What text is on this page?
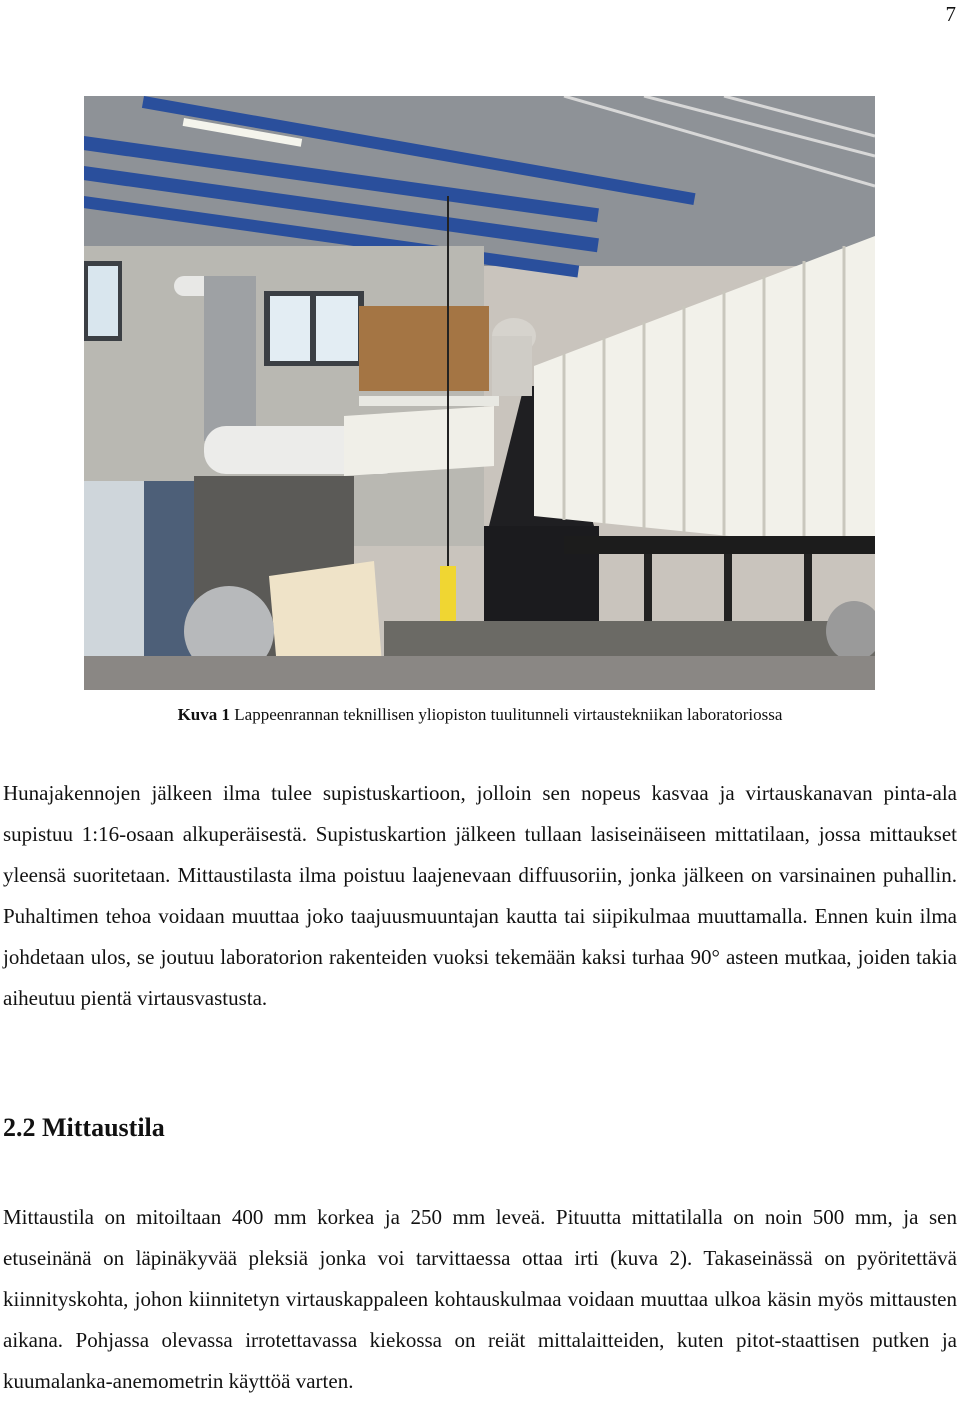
7
Kuva 1 Lappeenrannan teknillisen yliopiston tuulitunneli virtaustekniikan laboratoriossa

Hunajakennojen jälkeen ilma tulee supistuskartioon, jolloin sen nopeus kasvaa ja virtauskanavan pinta-ala supistuu 1:16-osaan alkuperäisestä. Supistuskartion jälkeen tullaan lasiseinäiseen mittatilaan, jossa mittaukset yleensä suoritetaan. Mittaustilasta ilma poistuu laajenevaan diffuusoriin, jonka jälkeen on varsinainen puhallin. Puhaltimen tehoa voidaan muuttaa joko taajuusmuuntajan kautta tai siipikulmaa muuttamalla. Ennen kuin ilma johdetaan ulos, se joutuu laboratorion rakenteiden vuoksi tekemään kaksi turhaa 90° asteen mutkaa, joiden takia aiheutuu pientä virtausvastusta.

2.2 Mittaustila

Mittaustila on mitoiltaan 400 mm korkea ja 250 mm leveä. Pituutta mittatilalla on noin 500 mm, ja sen etuseinänä on läpinäkyvää pleksiä jonka voi tarvittaessa ottaa irti (kuva 2). Takaseinässä on pyöritettävä kiinnityskohta, johon kiinnitetyn virtauskappaleen kohtauskulmaa voidaan muuttaa ulkoa käsin myös mittausten aikana. Pohjassa olevassa irrotettavassa kiekossa on reiät mittalaitteiden, kuten pitot-staattisen putken ja kuumalanka-anemometrin käyttöä varten.
